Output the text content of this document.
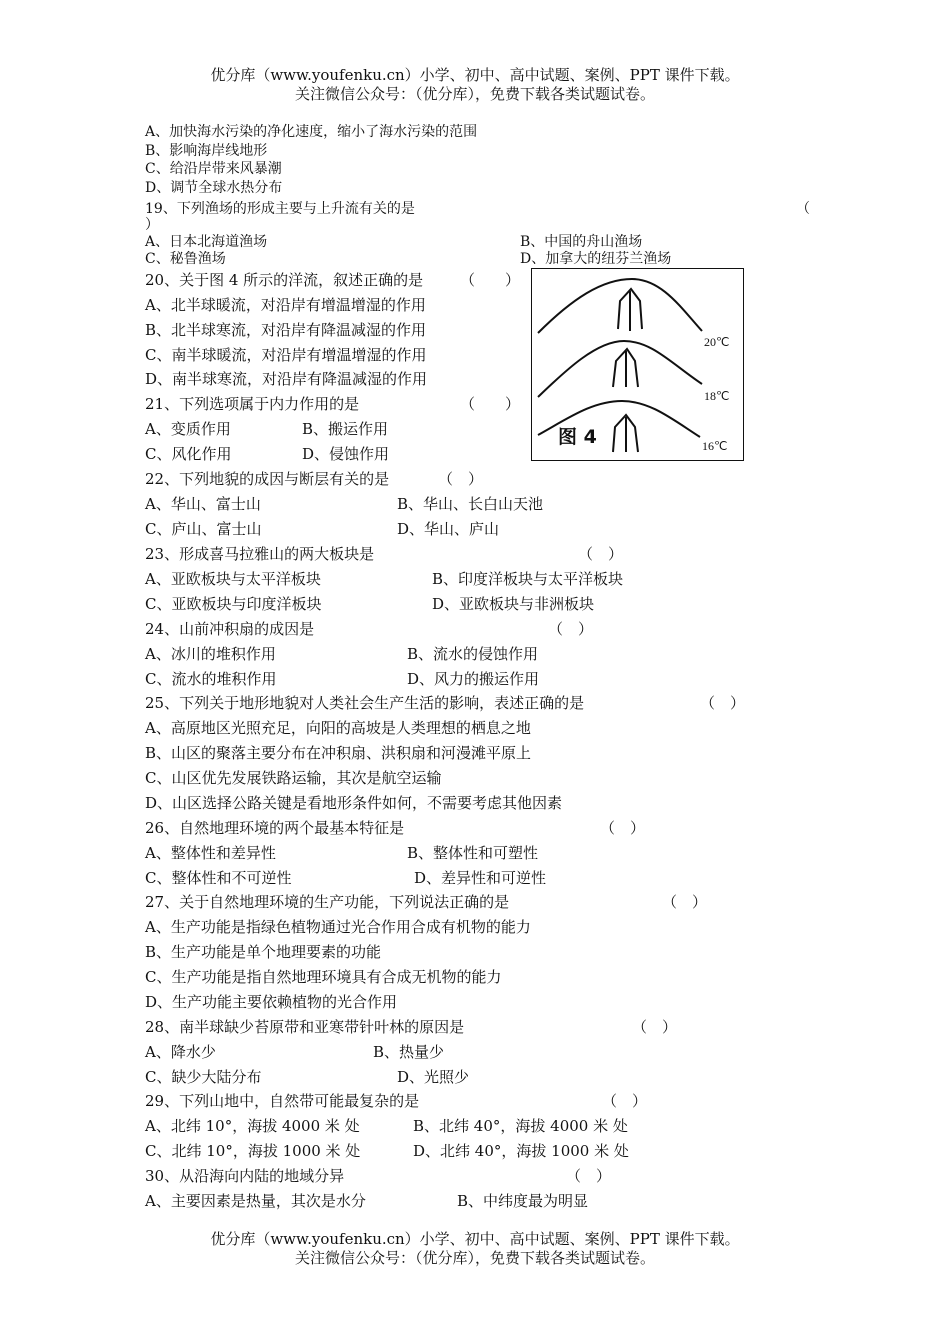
优分库（www.youfenku.cn）小学、初中、高中试题、案例、PPT 课件下载。
关注微信公众号：（优分库），免费下载各类试题试卷。
A、加快海水污染的净化速度，缩小了海水污染的范围
B、影响海岸线地形
C、给沿岸带来风暴潮
D、调节全球水热分布
19、下列渔场的形成主要与上升流有关的是	（
）
A、日本北海道渔场	B、中国的舟山渔场
C、秘鲁渔场	D、加拿大的纽芬兰渔场
20、关于图 4 所示的洋流，叙述正确的是 （　　）
A、北半球暖流，对沿岸有增温增湿的作用
B、北半球寒流，对沿岸有降温减湿的作用
C、南半球暖流，对沿岸有增温增湿的作用
D、南半球寒流，对沿岸有降温减湿的作用
20℃
18℃
16℃
图 4
21、下列选项属于内力作用的是	（　　）
A、变质作用	B、搬运作用
C、风化作用	D、侵蚀作用
22、下列地貌的成因与断层有关的是	（　）
A、华山、富士山	B、华山、长白山天池
C、庐山、富士山	D、华山、庐山
23、形成喜马拉雅山的两大板块是	（　）
A、亚欧板块与太平洋板块	B、印度洋板块与太平洋板块
C、亚欧板块与印度洋板块	D、亚欧板块与非洲板块
24、山前冲积扇的成因是	（　）
A、冰川的堆积作用	B、流水的侵蚀作用
C、流水的堆积作用	D、风力的搬运作用
25、下列关于地形地貌对人类社会生产生活的影响，表述正确的是	（　）
A、高原地区光照充足，向阳的高坡是人类理想的栖息之地
B、山区的聚落主要分布在冲积扇、洪积扇和河漫滩平原上
C、山区优先发展铁路运输，其次是航空运输
D、山区选择公路关键是看地形条件如何，不需要考虑其他因素
26、自然地理环境的两个最基本特征是	（　）
A、整体性和差异性	B、整体性和可塑性
C、整体性和不可逆性	D、差异性和可逆性
27、关于自然地理环境的生产功能，下列说法正确的是	（　）
A、生产功能是指绿色植物通过光合作用合成有机物的能力
B、生产功能是单个地理要素的功能
C、生产功能是指自然地理环境具有合成无机物的能力
D、生产功能主要依赖植物的光合作用
28、南半球缺少苔原带和亚寒带针叶林的原因是	（　）
A、降水少	B、热量少
C、缺少大陆分布	D、光照少
29、下列山地中，自然带可能最复杂的是	（　）
A、北纬 10°，海拔 4000 米 处	B、北纬 40°，海拔 4000 米 处
C、北纬 10°，海拔 1000 米 处	D、北纬 40°，海拔 1000 米 处
30、从沿海向内陆的地域分异	（　）
A、主要因素是热量，其次是水分	B、中纬度最为明显
优分库（www.youfenku.cn）小学、初中、高中试题、案例、PPT 课件下载。
关注微信公众号：（优分库），免费下载各类试题试卷。
